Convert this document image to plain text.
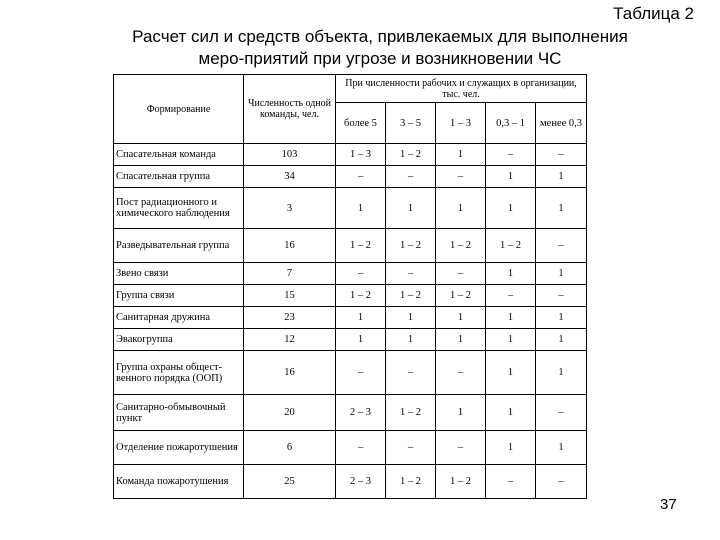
Таблица 2
Расчет сил и средств объекта, привлекаемых для выполнения
меро-приятий при угрозе и возникновении ЧС
Формирование	Численность одной команды, чел.	При численности рабочих и служащих в организации, тыс. чел.				
		более 5	3 – 5	1 – 3	0,3 – 1	менее 0,3
Спасательная команда	103	1 – 3	1 – 2	1	–	–
Спасательная группа	34	–	–	–	1	1
Пост радиационного и химического наблюдения	3	1	1	1	1	1
Разведывательная группа	16	1 – 2	1 – 2	1 – 2	1 – 2	–
Звено связи	7	–	–	–	1	1
Группа связи	15	1 – 2	1 – 2	1 – 2	–	–
Санитарная дружина	23	1	1	1	1	1
Эвакогруппа	12	1	1	1	1	1
Группа охраны общест-венного порядка (ООП)	16	–	–	–	1	1
Санитарно-обмывочный пункт	20	2 – 3	1 – 2	1	1	–
Отделение пожаротушения	6	–	–	–	1	1
Команда пожаротушения	25	2 – 3	1 – 2	1 – 2	–	–
37
